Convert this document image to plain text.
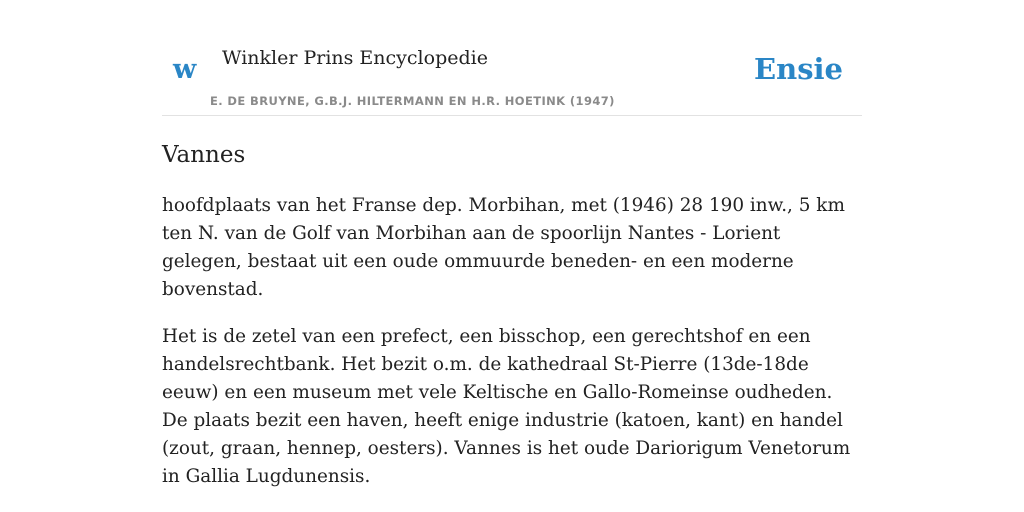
w Winkler Prins Encyclopedie
E. DE BRUYNE, G.B.J. HILTERMANN EN H.R. HOETINK (1947)
Ensie
Vannes

hoofdplaats van het Franse dep. Morbihan, met (1946) 28 190 inw., 5 km ten N. van de Golf van Morbihan aan de spoorlijn Nantes - Lorient gelegen, bestaat uit een oude ommuurde beneden- en een moderne bovenstad.

Het is de zetel van een prefect, een bisschop, een gerechtshof en een handelsrechtbank. Het bezit o.m. de kathedraal St-Pierre (13de-18de eeuw) en een museum met vele Keltische en Gallo-Romeinse oudheden. De plaats bezit een haven, heeft enige industrie (katoen, kant) en handel (zout, graan, hennep, oesters). Vannes is het oude Dariorigum Venetorum in Gallia Lugdunensis.
